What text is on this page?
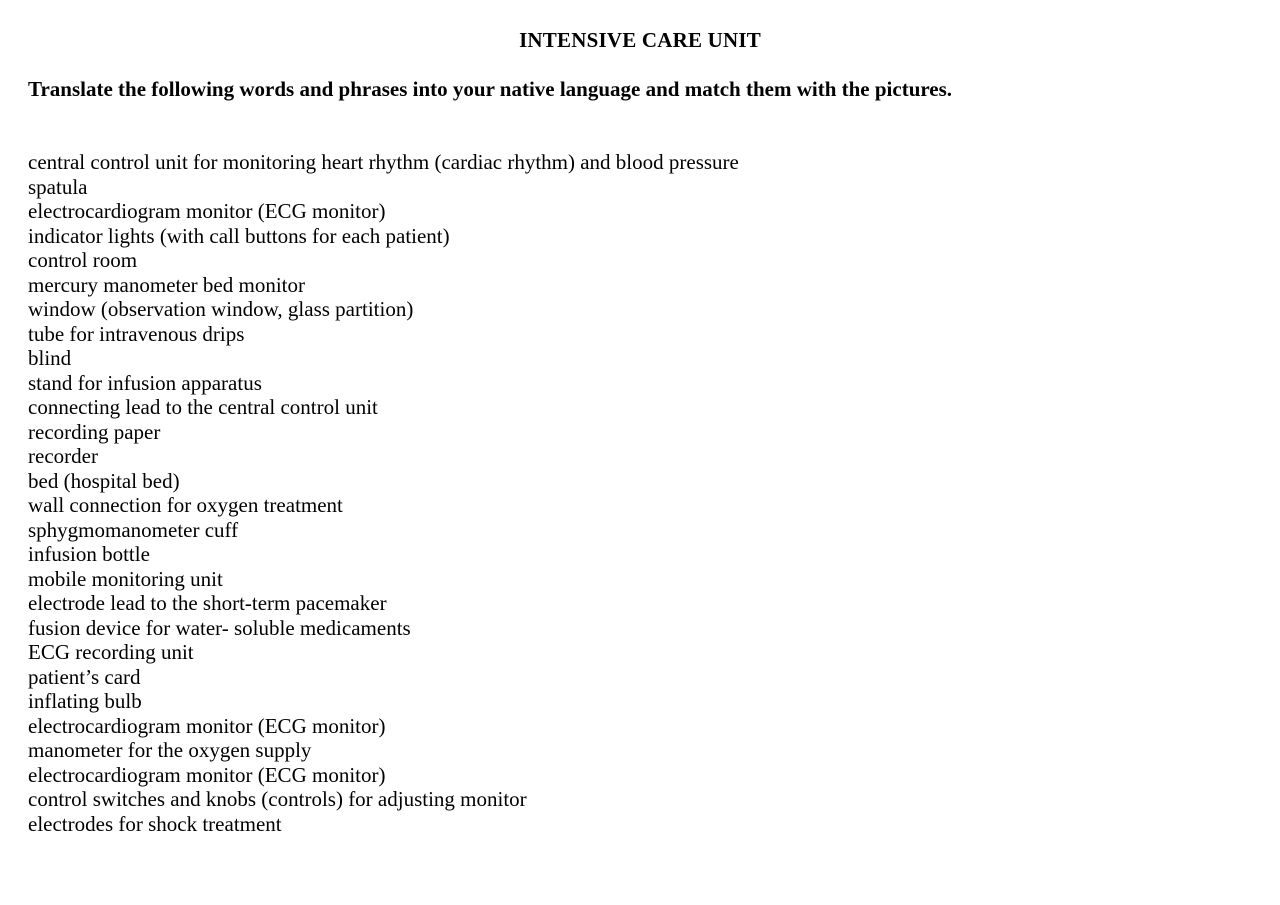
INTENSIVE CARE UNIT
Translate the following words and phrases into your native language and match them with the pictures.
central control unit for monitoring heart rhythm (cardiac rhythm) and blood pressure
spatula
electrocardiogram monitor (ECG monitor)
indicator lights (with call buttons for each patient)
control room
mercury manometer bed monitor
window (observation window, glass partition)
tube for intravenous drips
blind
stand for infusion apparatus
connecting lead to the central control unit
recording paper
recorder
bed (hospital bed)
wall connection for oxygen treatment
sphygmomanometer cuff
infusion bottle
mobile monitoring unit
electrode lead to the short-term pacemaker
fusion device for water- soluble medicaments
ECG recording unit
patient’s card
inflating bulb
electrocardiogram monitor (ECG monitor)
manometer for the oxygen supply
electrocardiogram monitor (ECG monitor)
control switches and knobs (controls) for adjusting monitor
electrodes for shock treatment
